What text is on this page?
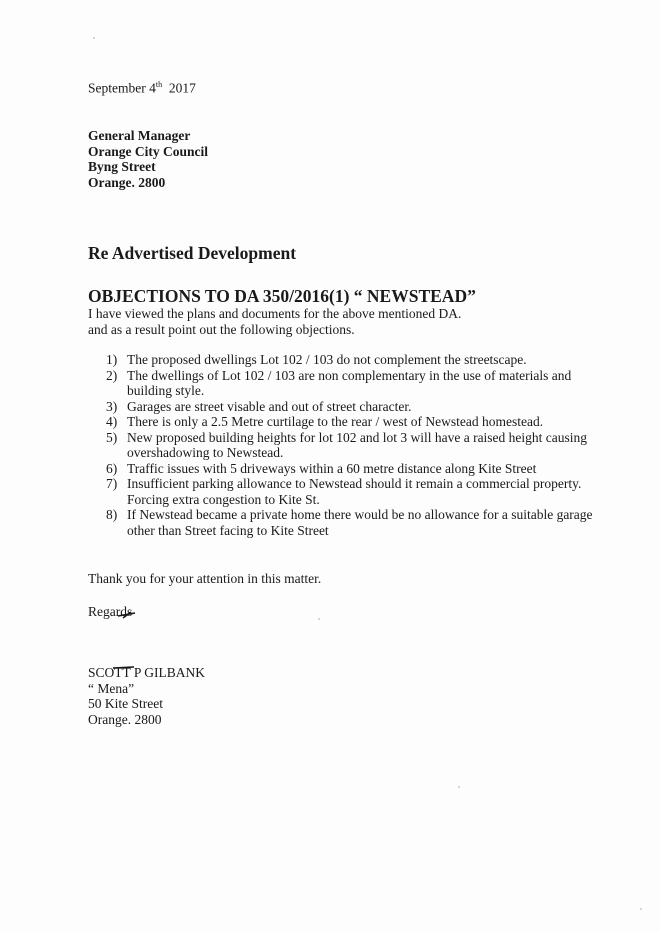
September 4th 2017
General Manager
Orange City Council
Byng Street
Orange. 2800
Re Advertised Development
OBJECTIONS TO DA 350/2016(1) “ NEWSTEAD”
I have viewed the plans and documents for the above mentioned DA.
and as a result point out the following objections.
1) The proposed dwellings Lot 102 / 103 do not complement the streetscape.
2) The dwellings of Lot 102 / 103 are non complementary in the use of materials and building style.
3) Garages are street visable and out of street character.
4) There is only a 2.5 Metre curtilage to the rear / west of Newstead homestead.
5) New proposed building heights for lot 102 and lot 3 will have a raised height causing overshadowing to Newstead.
6) Traffic issues with 5 driveways within a 60 metre distance along Kite Street
7) Insufficient parking allowance to Newstead should it remain a commercial property. Forcing extra congestion to Kite St.
8) If Newstead became a private home there would be no allowance for a suitable garage other than Street facing to Kite Street
Thank you for your attention in this matter.
Regards
SCOTT P GILBANK
“ Mena”
50 Kite Street
Orange. 2800
